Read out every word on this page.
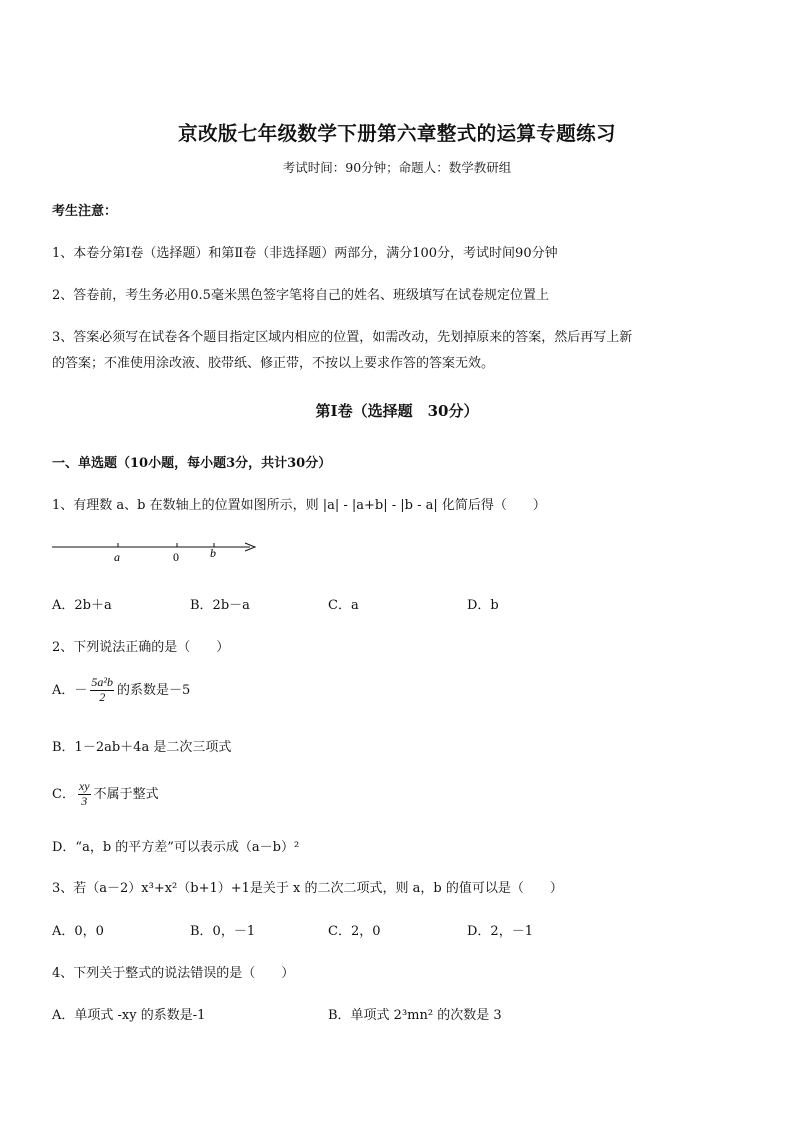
京改版七年级数学下册第六章整式的运算专题练习
考试时间：90分钟；命题人：数学教研组
考生注意：
1、本卷分第Ⅰ卷（选择题）和第Ⅱ卷（非选择题）两部分，满分100分，考试时间90分钟
2、答卷前，考生务必用0.5毫米黑色签字笔将自己的姓名、班级填写在试卷规定位置上
3、答案必须写在试卷各个题目指定区域内相应的位置，如需改动，先划掉原来的答案，然后再写上新
的答案；不准使用涂改液、胶带纸、修正带，不按以上要求作答的答案无效。
第Ⅰ卷（选择题　30分）
一、单选题（10小题，每小题3分，共计30分）
1、有理数 a、b 在数轴上的位置如图所示，则 |a| - |a+b| - |b - a| 化简后得（　　）
a	0	b
A．2b＋a	B．2b－a	C．a	D．b
2、下列说法正确的是（　　）
A．－ $\frac{\text{5a²b}}{2}$ 的系数是－5
B．1－2ab＋4a 是二次三项式
C． $\frac{xy}{3}$ 不属于整式
D．“a，b 的平方差”可以表示成（a－b）²
3、若（a－2）x³+x²（b+1）+1是关于 x 的二次二项式，则 a，b 的值可以是（　　）
A．0，0	B．0，－1	C．2，0	D．2，－1
4、下列关于整式的说法错误的是（　　）
A．单项式 -xy 的系数是-1	B．单项式 2³mn² 的次数是 3
